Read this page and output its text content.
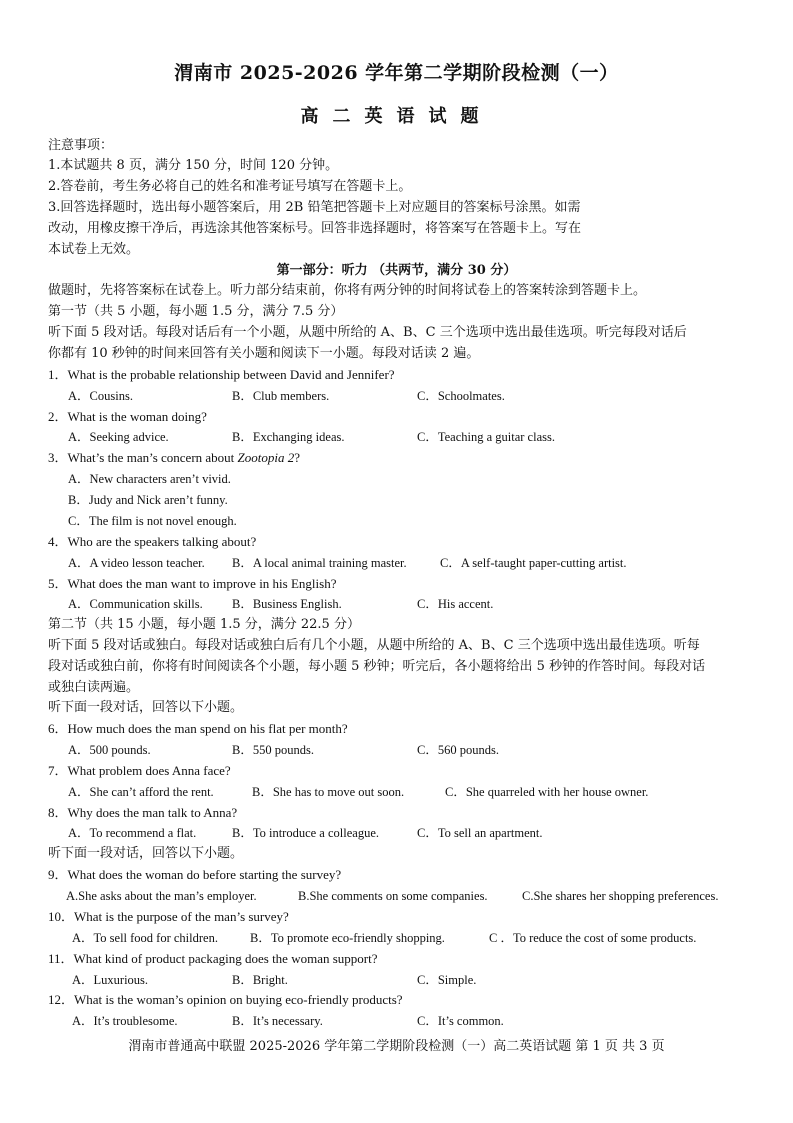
渭南市 2025-2026 学年第二学期阶段检测（一）
高二英语试题
注意事项：
1.本试题共 8 页，满分 150 分，时间 120 分钟。
2.答卷前，考生务必将自己的姓名和准考证号填写在答题卡上。
3.回答选择题时，选出每小题答案后，用 2B 铅笔把答题卡上对应题目的答案标号涂黑。如需
改动，用橡皮擦干净后，再选涂其他答案标号。回答非选择题时，将答案写在答题卡上。写在
本试卷上无效。
第一部分：听力 （共两节，满分 30 分）
做题时，先将答案标在试卷上。听力部分结束前，你将有两分钟的时间将试卷上的答案转涂到答题卡上。
第一节（共 5 小题，每小题 1.5 分，满分 7.5 分）
听下面 5 段对话。每段对话后有一个小题，从题中所给的 A、B、C 三个选项中选出最佳选项。听完每段对话后
你都有 10 秒钟的时间来回答有关小题和阅读下一小题。每段对话读 2 遍。
1．What is the probable relationship between David and Jennifer?
A．Cousins.	B．Club members.	C．Schoolmates.
2．What is the woman doing?
A．Seeking advice.	B．Exchanging ideas.	C．Teaching a guitar class.
3．What’s the man’s concern about Zootopia 2?
A．New characters aren’t vivid.
B．Judy and Nick aren’t funny.
C．The film is not novel enough.
4．Who are the speakers talking about?
A．A video lesson teacher. B．A local animal training master.	C．A self-taught paper-cutting artist.
5．What does the man want to improve in his English?
A．Communication skills. B．Business English.	C．His accent.
第二节（共 15 小题，每小题 1.5 分，满分 22.5 分）
听下面 5 段对话或独白。每段对话或独白后有几个小题，从题中所给的 A、B、C 三个选项中选出最佳选项。听每
段对话或独白前，你将有时间阅读各个小题，每小题 5 秒钟；听完后，各小题将给出 5 秒钟的作答时间。每段对话
或独白读两遍。
听下面一段对话，回答以下小题。
6．How much does the man spend on his flat per month?
A．500 pounds.	B．550 pounds.	C．560 pounds.
7．What problem does Anna face?
A．She can’t afford the rent.	B．She has to move out soon.	C．She quarreled with her house owner.
8．Why does the man talk to Anna?
A．To recommend a flat.	B．To introduce a colleague.	C．To sell an apartment.
听下面一段对话，回答以下小题。
9．What does the woman do before starting the survey?
A.She asks about the man’s employer.	B.She comments on some companies.	C.She shares her shopping preferences.
10．What is the purpose of the man’s survey?
A．To sell food for children.	B．To promote eco-friendly shopping.	C ．To reduce the cost of some products.
11．What kind of product packaging does the woman support?
A．Luxurious.	B．Bright.	C．Simple.
12．What is the woman’s opinion on buying eco-friendly products?
A．It’s troublesome.	B．It’s necessary.	C．It’s common.
渭南市普通高中联盟 2025-2026 学年第二学期阶段检测（一）高二英语试题 第 1 页 共 3 页
